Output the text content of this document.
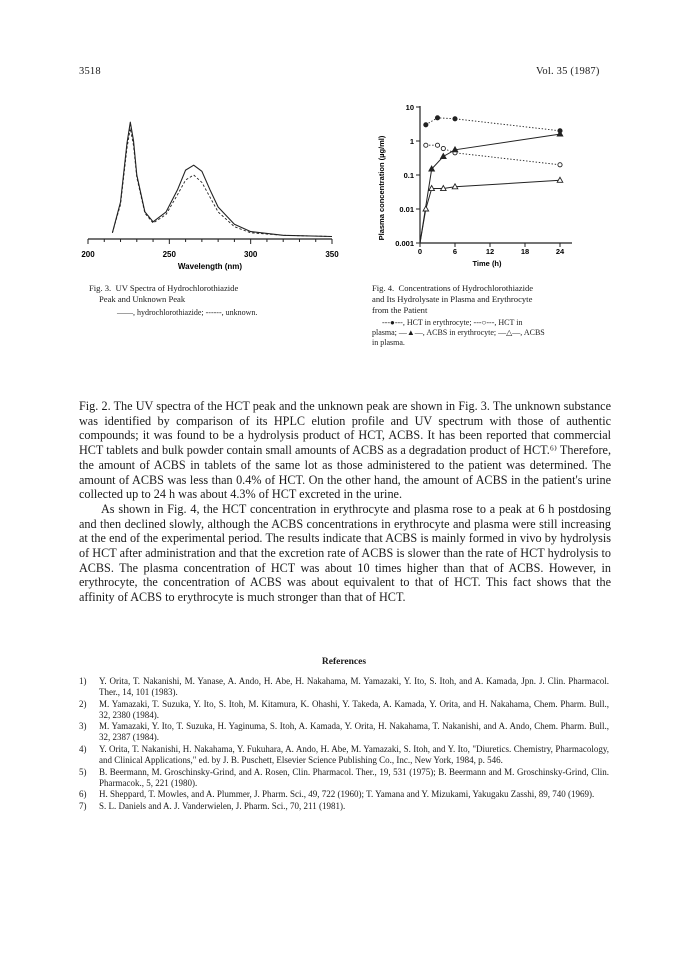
3518	Vol. 35 (1987)
200	250	300	350
Wavelength (nm)
Fig. 3. UV Spectra of Hydrochlorothiazide
Peak and Unknown Peak
——, hydrochlorothiazide; ------, unknown.
Plasma concentration (µg/ml)
10
1
0.1
0.01
0.001
0	6	12	18	24
Time (h)
Fig. 4. Concentrations of Hydrochlorothiazide
and Its Hydrolysate in Plasma and Erythrocyte
from the Patient
---●---, HCT in erythrocyte; ---○---, HCT in
plasma; —▲—, ACBS in erythrocyte; —△—, ACBS
in plasma.

Fig. 2. The UV spectra of the HCT peak and the unknown peak are shown in Fig. 3. The unknown substance was identified by comparison of its HPLC elution profile and UV spectrum with those of authentic compounds; it was found to be a hydrolysis product of HCT, ACBS. It has been reported that commercial HCT tablets and bulk powder contain small amounts of ACBS as a degradation product of HCT.⁶⁾ Therefore, the amount of ACBS in tablets of the same lot as those administered to the patient was determined. The amount of ACBS was less than 0.4% of HCT. On the other hand, the amount of ACBS in the patient's urine collected up to 24 h was about 4.3% of HCT excreted in the urine.

As shown in Fig. 4, the HCT concentration in erythrocyte and plasma rose to a peak at 6 h postdosing and then declined slowly, although the ACBS concentrations in erythrocyte and plasma were still increasing at the end of the experimental period. The results indicate that ACBS is mainly formed in vivo by hydrolysis of HCT after administration and that the excretion rate of ACBS is slower than the rate of HCT hydrolysis to ACBS. The plasma concentration of HCT was about 10 times higher than that of ACBS. However, in erythrocyte, the concentration of ACBS was about equivalent to that of HCT. This fact shows that the affinity of ACBS to erythrocyte is much stronger than that of HCT.

References
1) Y. Orita, T. Nakanishi, M. Yanase, A. Ando, H. Abe, H. Nakahama, M. Yamazaki, Y. Ito, S. Itoh, and A. Kamada, Jpn. J. Clin. Pharmacol. Ther., 14, 101 (1983).
2) M. Yamazaki, T. Suzuka, Y. Ito, S. Itoh, M. Kitamura, K. Ohashi, Y. Takeda, A. Kamada, Y. Orita, and H. Nakahama, Chem. Pharm. Bull., 32, 2380 (1984).
3) M. Yamazaki, Y. Ito, T. Suzuka, H. Yaginuma, S. Itoh, A. Kamada, Y. Orita, H. Nakahama, T. Nakanishi, and A. Ando, Chem. Pharm. Bull., 32, 2387 (1984).
4) Y. Orita, T. Nakanishi, H. Nakahama, Y. Fukuhara, A. Ando, H. Abe, M. Yamazaki, S. Itoh, and Y. Ito, "Diuretics. Chemistry, Pharmacology, and Clinical Applications," ed. by J. B. Puschett, Elsevier Science Publishing Co., Inc., New York, 1984, p. 546.
5) B. Beermann, M. Groschinsky-Grind, and A. Rosen, Clin. Pharmacol. Ther., 19, 531 (1975); B. Beermann and M. Groschinsky-Grind, Clin. Pharmacok., 5, 221 (1980).
6) H. Sheppard, T. Mowles, and A. Plummer, J. Pharm. Sci., 49, 722 (1960); T. Yamana and Y. Mizukami, Yakugaku Zasshi, 89, 740 (1969).
7) S. L. Daniels and A. J. Vanderwielen, J. Pharm. Sci., 70, 211 (1981).
